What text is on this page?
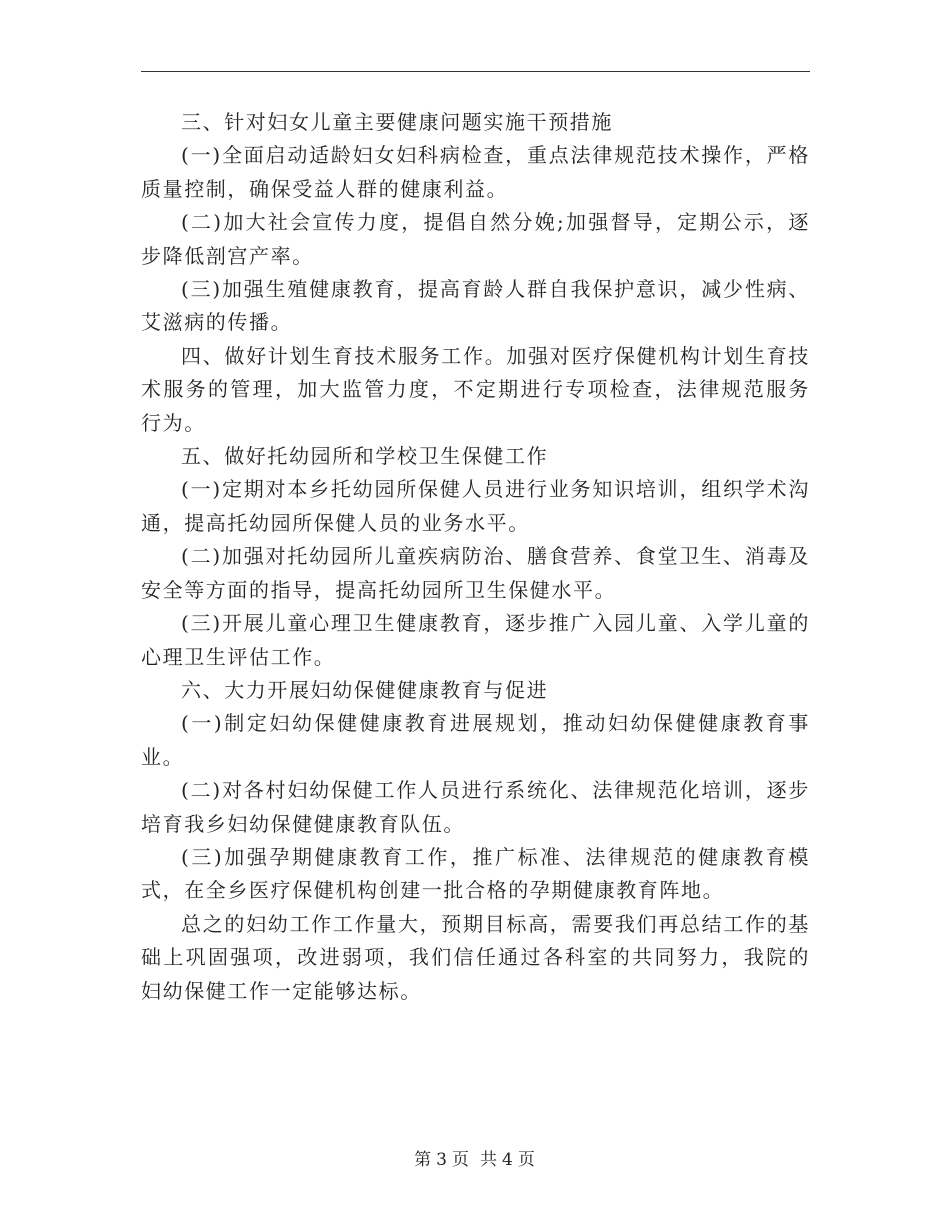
三、针对妇女儿童主要健康问题实施干预措施

(一)全面启动适龄妇女妇科病检查，重点法律规范技术操作，严格质量控制，确保受益人群的健康利益。

(二)加大社会宣传力度，提倡自然分娩;加强督导，定期公示，逐步降低剖宫产率。

(三)加强生殖健康教育，提高育龄人群自我保护意识，减少性病、艾滋病的传播。

四、做好计划生育技术服务工作。加强对医疗保健机构计划生育技术服务的管理，加大监管力度，不定期进行专项检查，法律规范服务行为。

五、做好托幼园所和学校卫生保健工作

(一)定期对本乡托幼园所保健人员进行业务知识培训，组织学术沟通，提高托幼园所保健人员的业务水平。

(二)加强对托幼园所儿童疾病防治、膳食营养、食堂卫生、消毒及安全等方面的指导，提高托幼园所卫生保健水平。

(三)开展儿童心理卫生健康教育，逐步推广入园儿童、入学儿童的心理卫生评估工作。

六、大力开展妇幼保健健康教育与促进

(一)制定妇幼保健健康教育进展规划，推动妇幼保健健康教育事业。

(二)对各村妇幼保健工作人员进行系统化、法律规范化培训，逐步培育我乡妇幼保健健康教育队伍。

(三)加强孕期健康教育工作，推广标准、法律规范的健康教育模式，在全乡医疗保健机构创建一批合格的孕期健康教育阵地。

总之的妇幼工作工作量大，预期目标高，需要我们再总结工作的基础上巩固强项，改进弱项，我们信任通过各科室的共同努力，我院的妇幼保健工作一定能够达标。

第 3 页 共 4 页
